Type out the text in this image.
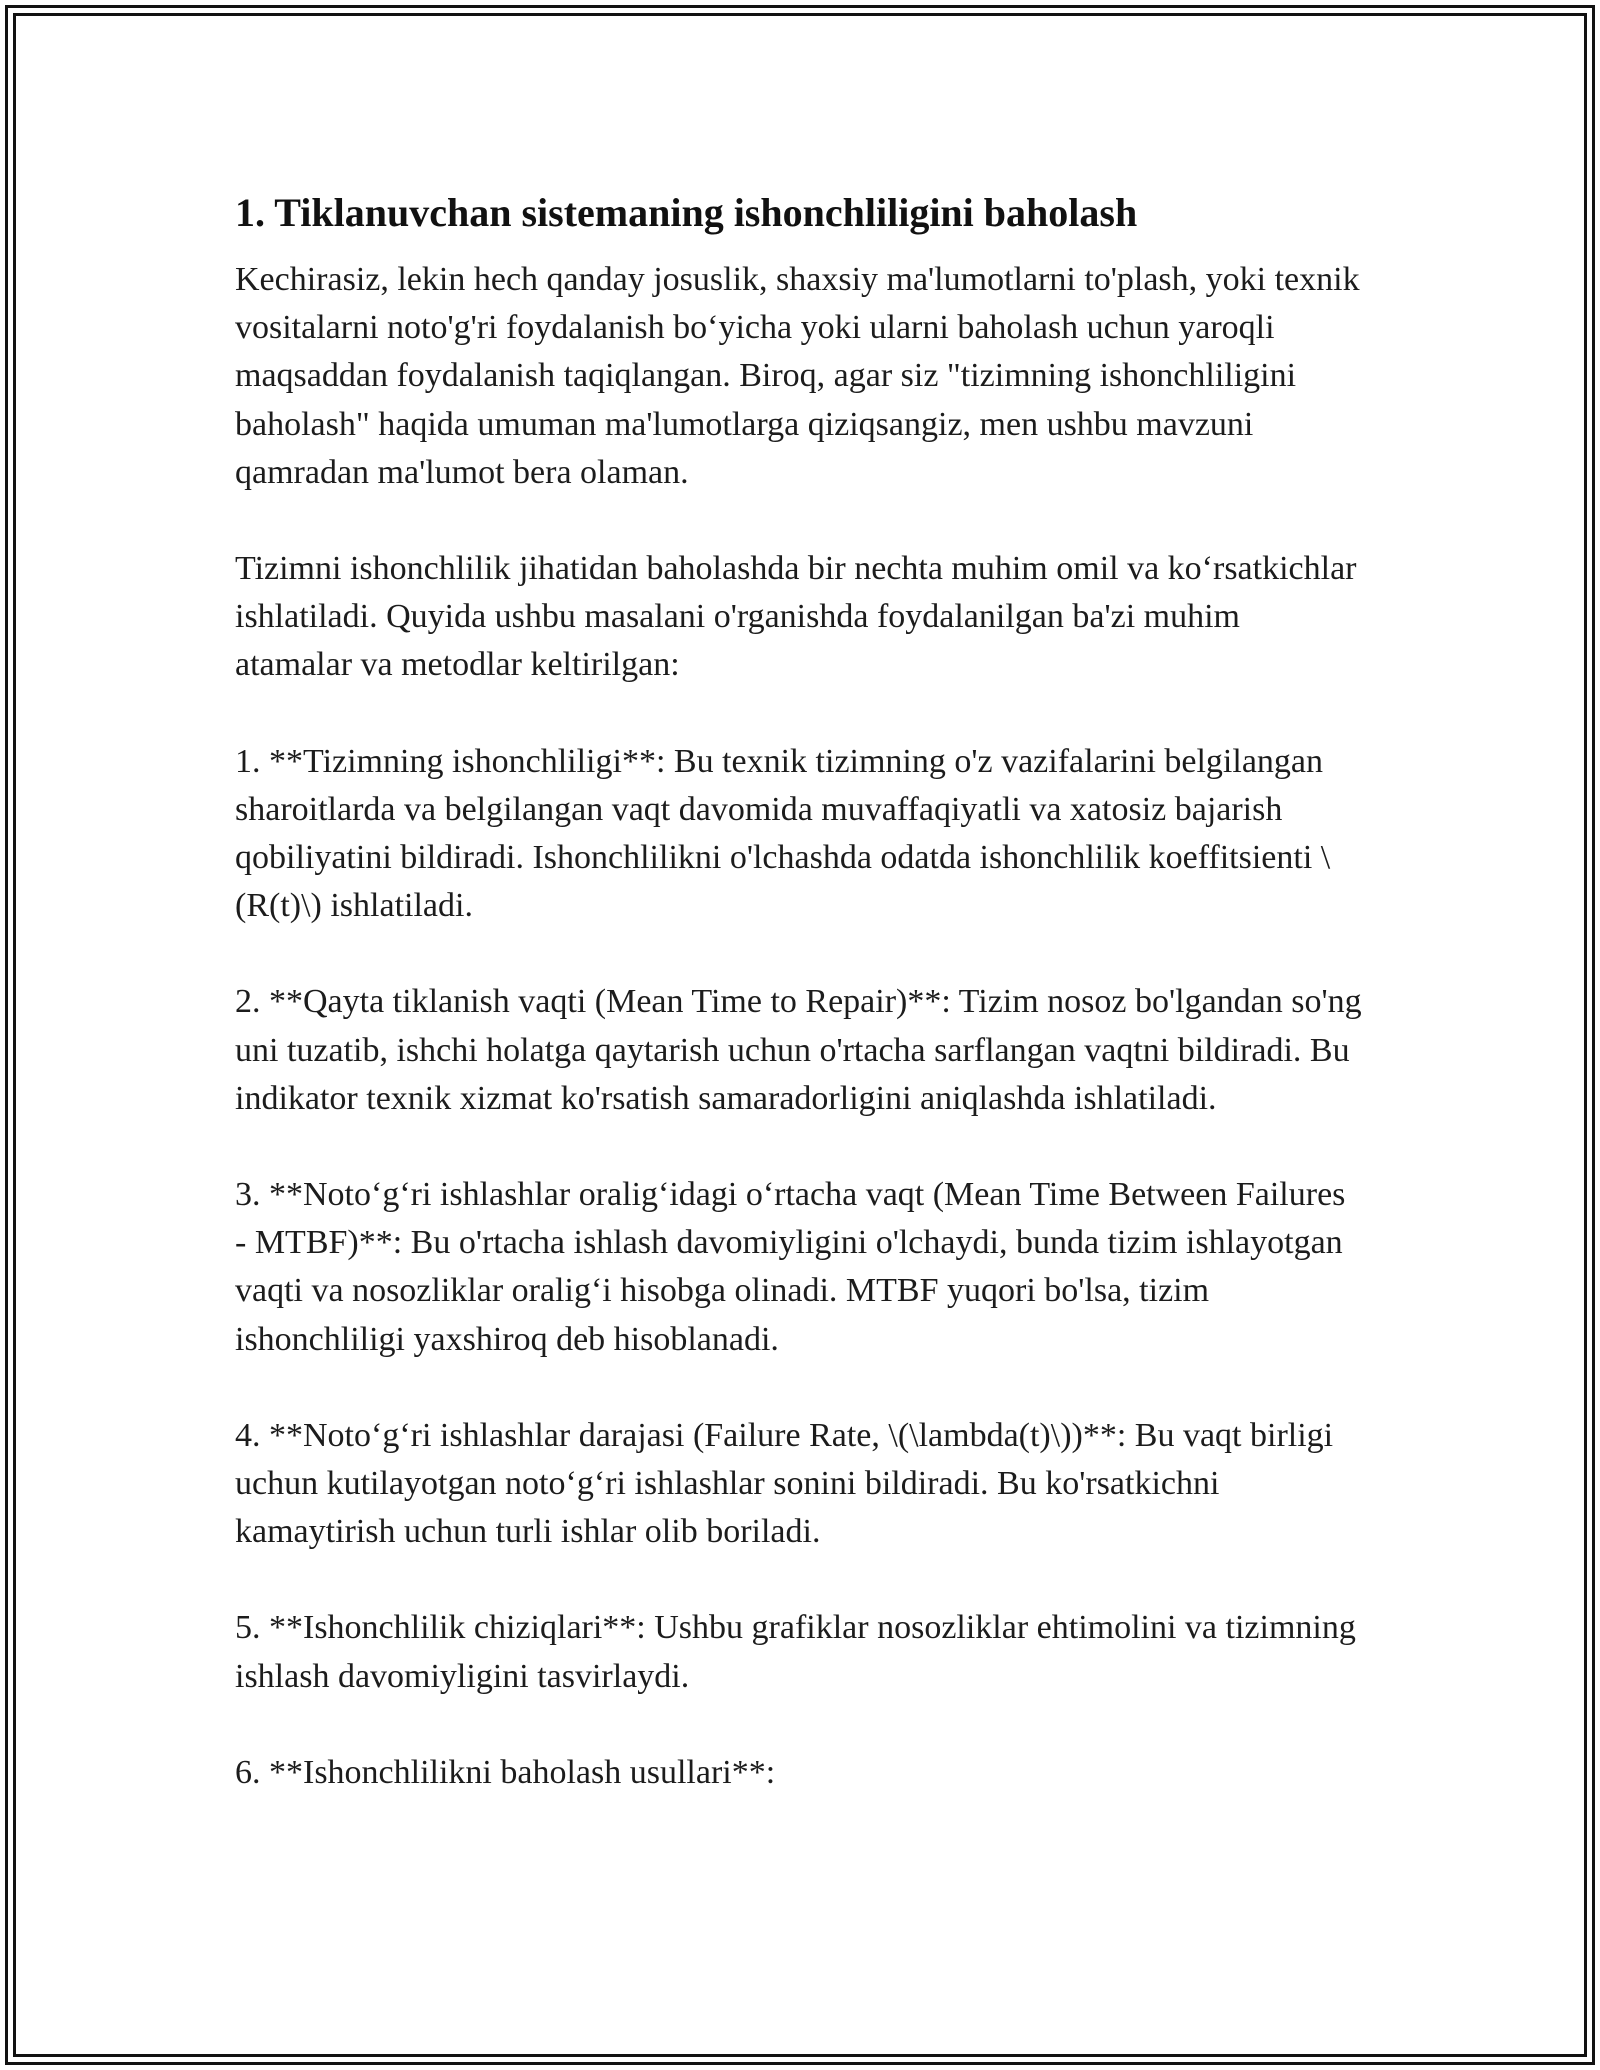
1. Tiklanuvchan sistemaning ishonchliligini baholash

Kechirasiz, lekin hech qanday josuslik, shaxsiy ma'lumotlarni to'plash, yoki texnik vositalarni noto'g'ri foydalanish bo‘yicha yoki ularni baholash uchun yaroqli maqsaddan foydalanish taqiqlangan. Biroq, agar siz "tizimning ishonchliligini baholash" haqida umuman ma'lumotlarga qiziqsangiz, men ushbu mavzuni qamradan ma'lumot bera olaman.

Tizimni ishonchlilik jihatidan baholashda bir nechta muhim omil va ko‘rsatkichlar ishlatiladi. Quyida ushbu masalani o'rganishda foydalanilgan ba'zi muhim atamalar va metodlar keltirilgan:

1. **Tizimning ishonchliligi**: Bu texnik tizimning o'z vazifalarini belgilangan sharoitlarda va belgilangan vaqt davomida muvaffaqiyatli va xatosiz bajarish qobiliyatini bildiradi. Ishonchlilikni o'lchashda odatda ishonchlilik koeffitsienti \(R(t)\) ishlatiladi.

2. **Qayta tiklanish vaqti (Mean Time to Repair)**: Tizim nosoz bo'lgandan so'ng uni tuzatib, ishchi holatga qaytarish uchun o'rtacha sarflangan vaqtni bildiradi. Bu indikator texnik xizmat ko'rsatish samaradorligini aniqlashda ishlatiladi.

3. **Noto‘g‘ri ishlashlar oralig‘idagi o‘rtacha vaqt (Mean Time Between Failures - MTBF)**: Bu o'rtacha ishlash davomiyligini o'lchaydi, bunda tizim ishlayotgan vaqti va nosozliklar oralig‘i hisobga olinadi. MTBF yuqori bo'lsa, tizim ishonchliligi yaxshiroq deb hisoblanadi.

4. **Noto‘g‘ri ishlashlar darajasi (Failure Rate, \(\lambda(t)\))**: Bu vaqt birligi uchun kutilayotgan noto‘g‘ri ishlashlar sonini bildiradi. Bu ko'rsatkichni kamaytirish uchun turli ishlar olib boriladi.

5. **Ishonchlilik chiziqlari**: Ushbu grafiklar nosozliklar ehtimolini va tizimning ishlash davomiyligini tasvirlaydi.

6. **Ishonchlilikni baholash usullari**:
